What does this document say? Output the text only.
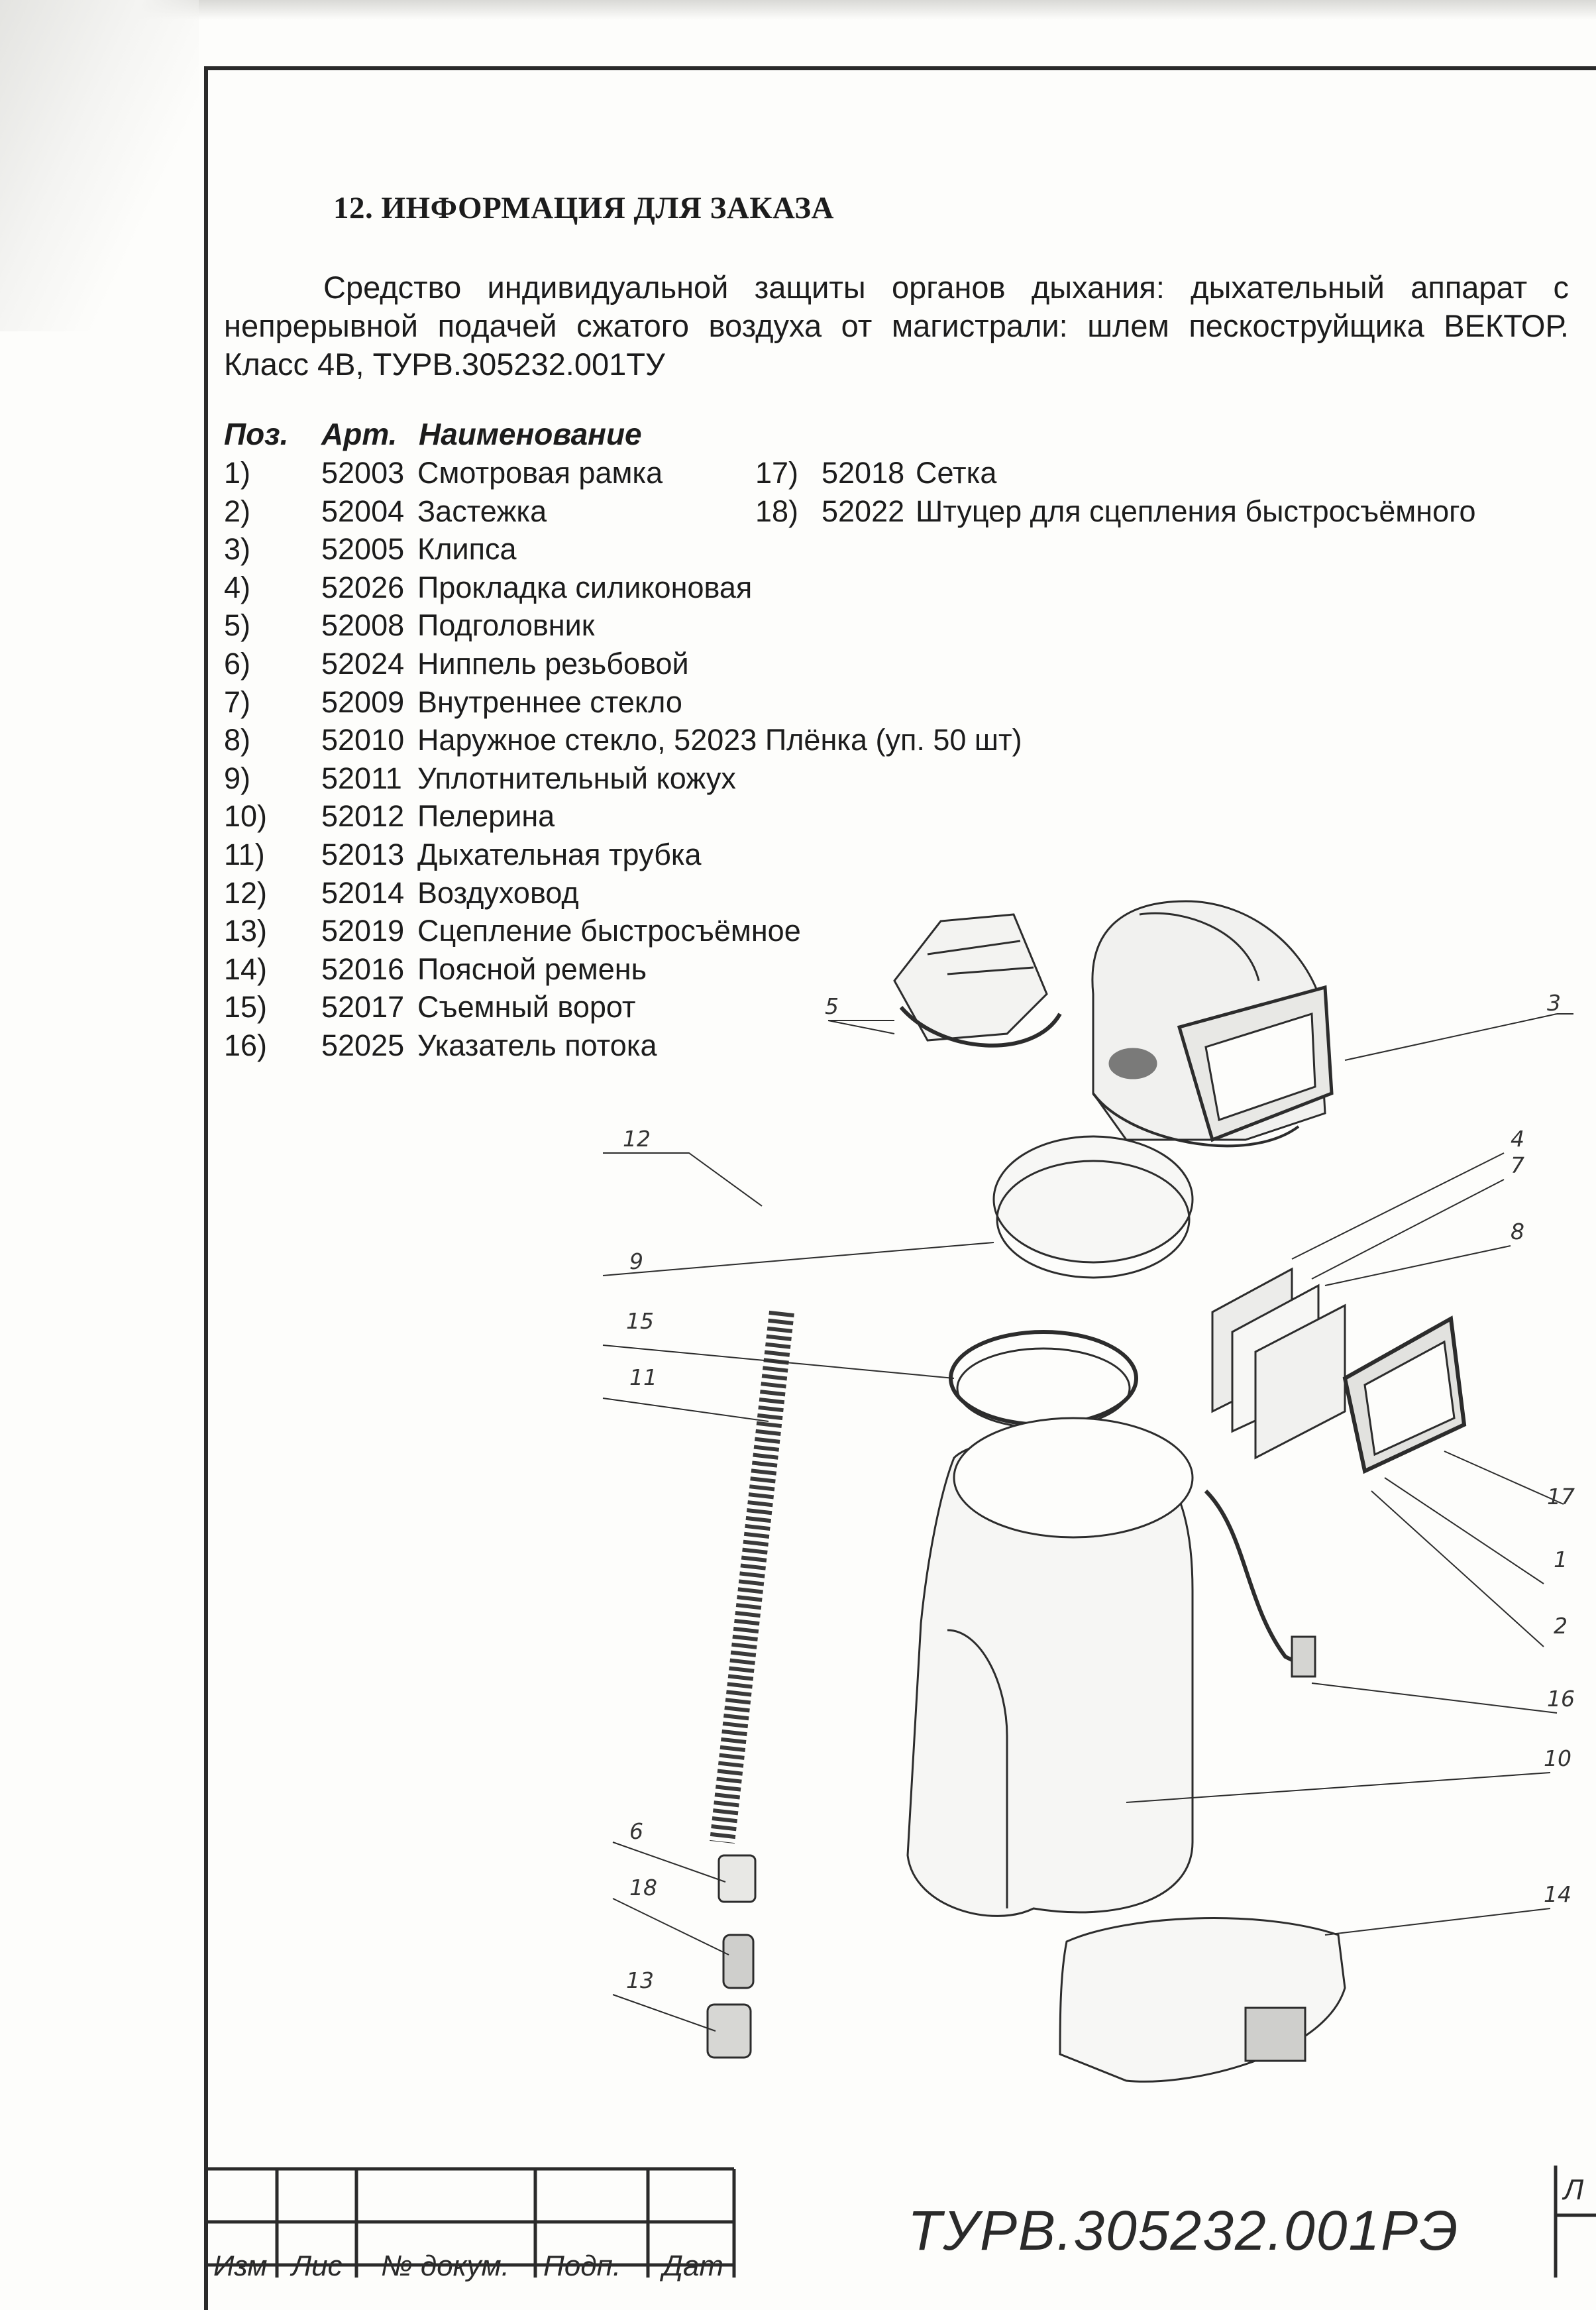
12. ИНФОРМАЦИЯ ДЛЯ ЗАКАЗА

Средство индивидуальной защиты органов дыхания: дыхательный аппарат с непрерывной подачей сжатого воздуха от магистрали: шлем пескоструйщика ВЕКТОР. Класс 4В, ТУРВ.305232.001ТУ

Поз. Арт. Наименование
1) 52003 Смотровая рамка
2) 52004 Застежка
3) 52005 Клипса
4) 52026 Прокладка силиконовая
5) 52008 Подголовник
6) 52024 Ниппель резьбовой
7) 52009 Внутреннее стекло
8) 52010 Наружное стекло, 52023 Плёнка (уп. 50 шт)
9) 52011 Уплотнительный кожух
10) 52012 Пелерина
11) 52013 Дыхательная трубка
12) 52014 Воздуховод
13) 52019 Сцепление быстросъёмное
14) 52016 Поясной ремень
15) 52017 Съемный ворот
16) 52025 Указатель потока
17) 52018 Сетка
18) 52022 Штуцер для сцепления быстросъёмного
1
2
3
4
5
6
7
8
9
10
11
12
13
14
15
16
17
18
ТУРВ.305232.001РЭ
Изм Лис № докум. Подп. Дат
Л
